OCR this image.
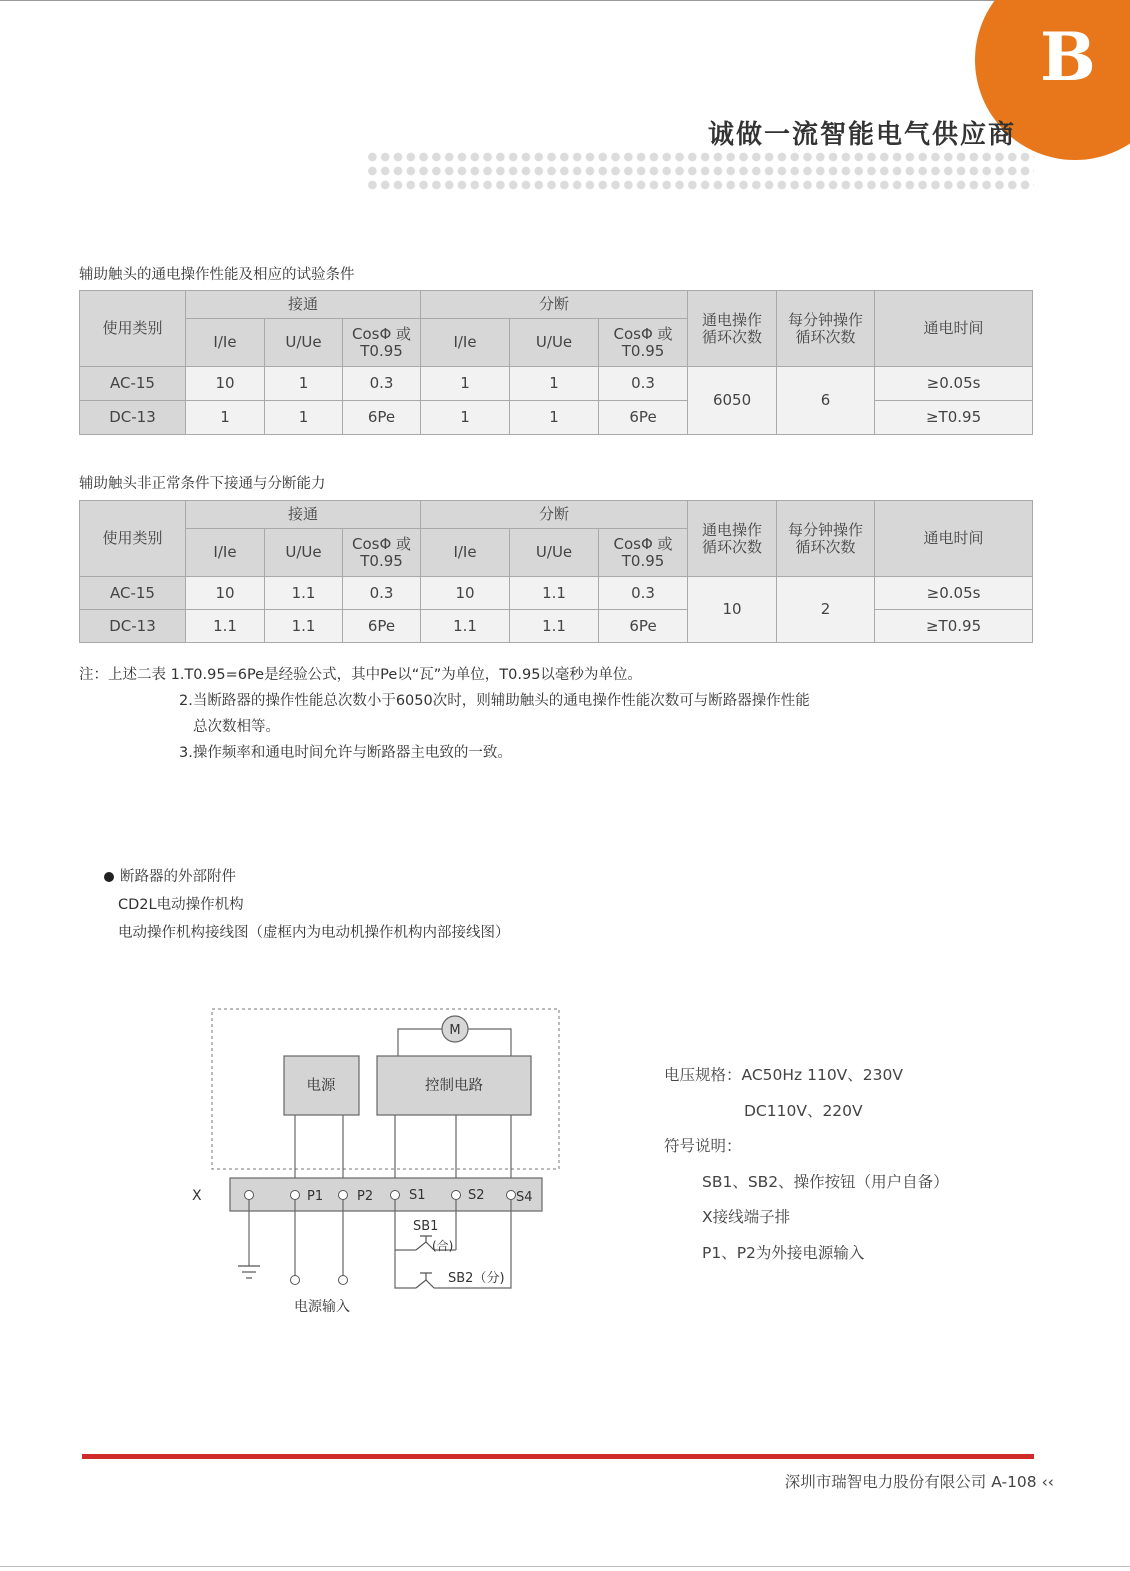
B
诚做一流智能电气供应商
辅助触头的通电操作性能及相应的试验条件
使用类别	接通			分断			通电操作循环次数	每分钟操作循环次数	通电时间
	I/Ie	U/Ue	CosΦ 或 T0.95	I/Ie	U/Ue	CosΦ 或 T0.95			

AC-15	10	1	0.3	1	1	0.3	6050	6	≥0.05s
DC-13	1	1	6Pe	1	1	6Pe			≥T0.95
辅助触头非正常条件下接通与分断能力
使用类别	接通			分断			通电操作循环次数	每分钟操作循环次数	通电时间
	I/Ie	U/Ue	CosΦ 或 T0.95	I/Ie	U/Ue	CosΦ 或 T0.95			

AC-15	10	1.1	0.3	10	1.1	0.3	10	2	≥0.05s
DC-13	1.1	1.1	6Pe	1.1	1.1	6Pe			≥T0.95
注：上述二表 1.T0.95=6Pe是经验公式，其中Pe以“瓦”为单位，T0.95以毫秒为单位。
2.当断路器的操作性能总次数小于6050次时，则辅助触头的通电操作性能次数可与断路器操作性能
总次数相等。
3.操作频率和通电时间允许与断路器主电致的一致。
断路器的外部附件
CD2L电动操作机构
电动操作机构接线图（虚框内为电动机操作机构内部接线图）
M
电源	控制电路
X	P1	P2	S1	S2 S4
电源输入
SB1
(合)
SB2（分)
电压规格：AC50Hz 110V、230V
DC110V、220V
符号说明：
SB1、SB2、操作按钮（用户自备）
X接线端子排
P1、P2为外接电源输入
深圳市瑞智电力股份有限公司 A-108 ‹‹
